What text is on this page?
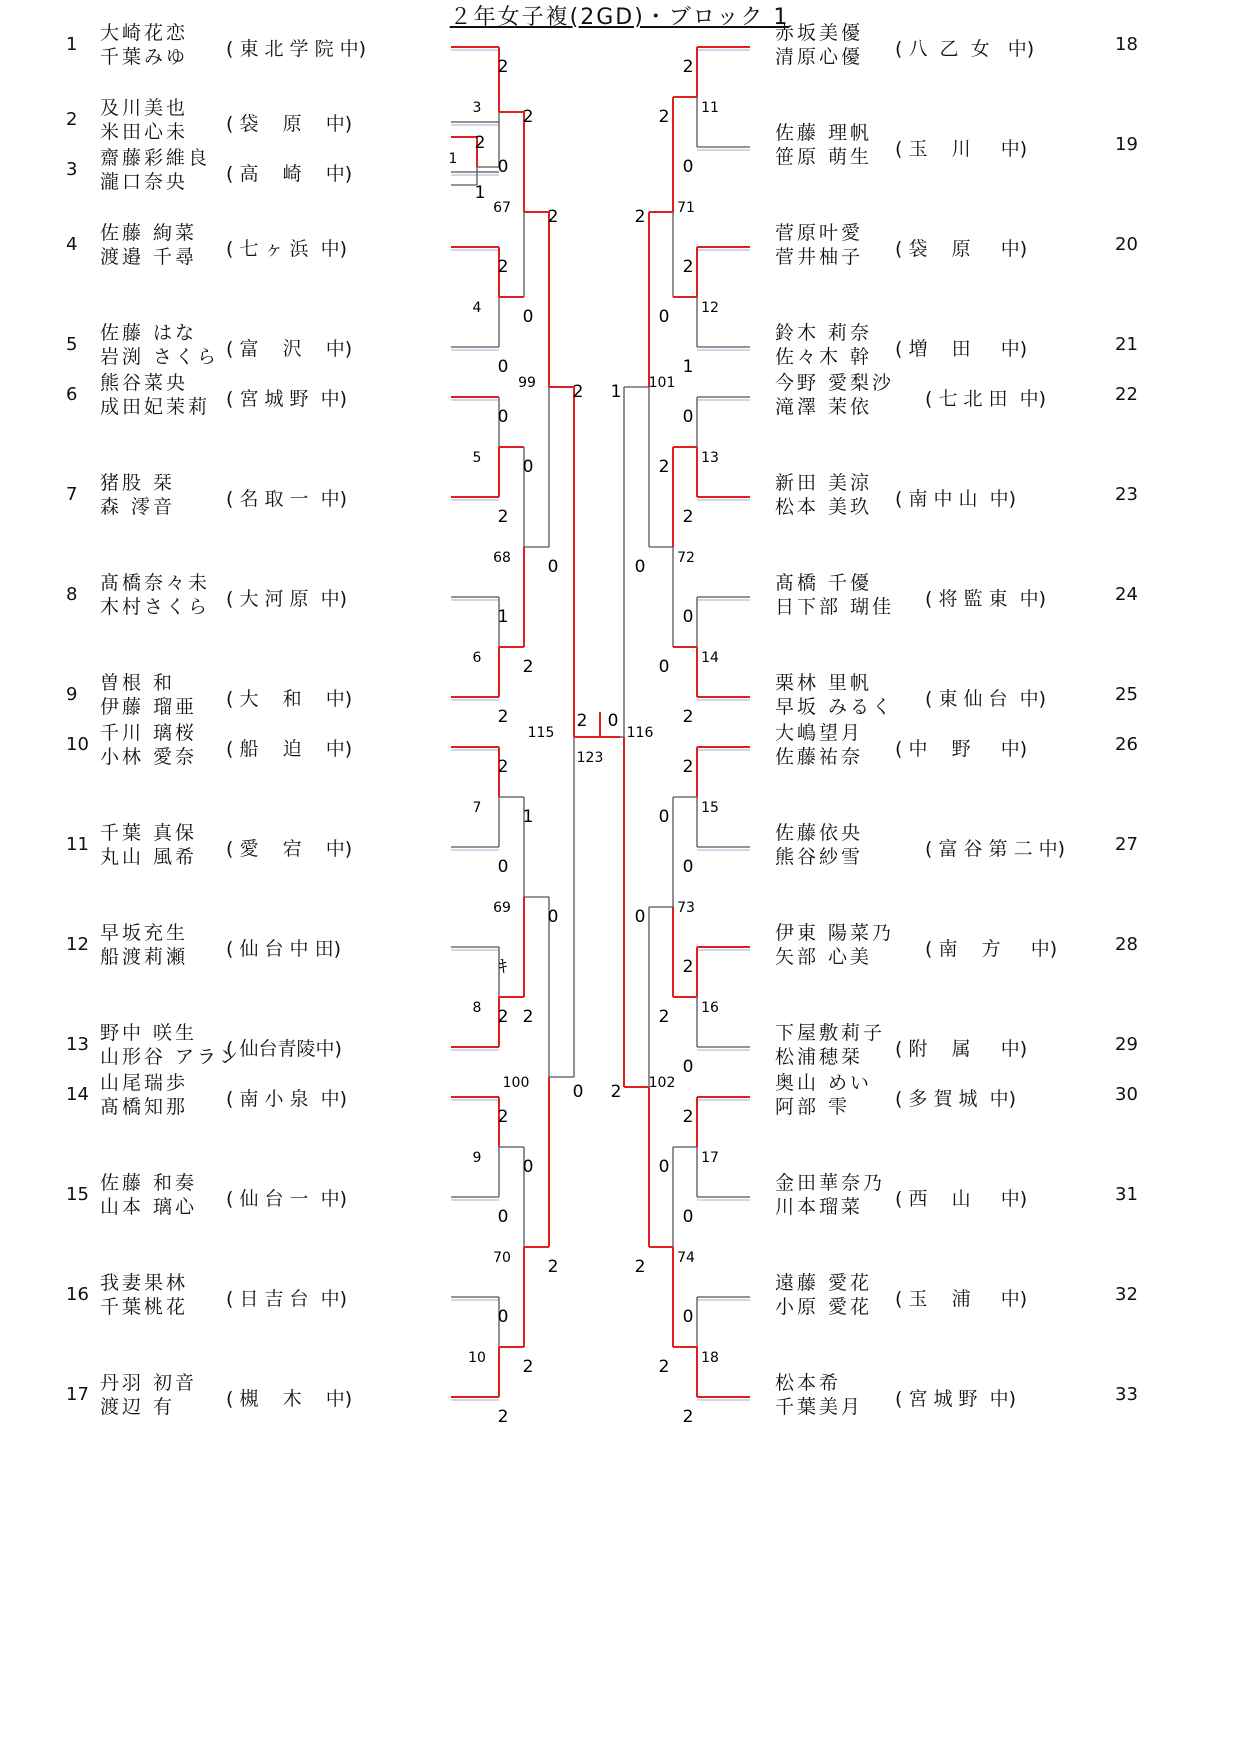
２年女子複(2GD)・ブロック 1
1
大崎花恋
千葉みゆ ( 東 北 学 院 中)
2
及川美也
米田心未 ( 袋    原    中)
3
齋藤彩維良
瀧口奈央	( 高    崎    中)
4
佐藤 絢菜
渡邉 千尋 ( 七 ヶ 浜  中)
5
佐藤 はな
岩渕 さくら ( 富    沢    中)
6
熊谷菜央
成田妃茉莉 ( 宮 城 野  中)
7
猪股 栞
森 澪音	( 名 取 一  中)
8
髙橋奈々未
木村さくら ( 大 河 原  中)
9
曽根 和
伊藤 瑠亜 ( 大    和    中)
10
千川 璃桜
小林 愛奈 ( 船    迫    中)
11
千葉 真保
丸山 風希 ( 愛    宕    中)
12
早坂充生
船渡莉瀬 ( 仙 台 中 田)
13
野中 咲生
山形谷 アラン
( 仙台青陵中)
14
山尾瑞歩
髙橋知那 ( 南 小 泉  中)
15
佐藤 和奏
山本 璃心 ( 仙 台 一  中)
16
我妻果林
千葉桃花 ( 日 吉 台  中)
17
丹羽 初音
渡辺 有	( 槻    木    中)
赤坂美優
清原心優 ( 八  乙  女   中)	18
佐藤 理帆
笹原 萌生 ( 玉    川     中)	19
菅原叶愛
菅井柚子 ( 袋    原     中)	20
鈴木 莉奈
佐々木 幹 ( 増    田     中)	21
今野 愛梨沙
滝澤 茉依	( 七 北 田  中)	22
新田 美涼
松本 美玖 ( 南 中 山  中)	23
髙橋 千優
日下部 瑚佳 ( 将 監 東  中)	24
栗林 里帆
早坂 みるく ( 東 仙 台  中)	25
大嶋望月
佐藤祐奈 ( 中    野     中)	26
佐藤依央
熊谷紗雪	( 富 谷 第 二 中)	27
伊東 陽菜乃
矢部 心美	( 南    方     中)	28
下屋敷莉子
松浦穂栞	( 附    属     中)	29
奥山 めい
阿部 雫	( 多 賀 城  中)	30
金田華奈乃
川本瑠菜	( 西    山     中)	31
遠藤 愛花
小原 愛花 ( 玉    浦     中)	32
松本希
千葉美月 ( 宮 城 野  中)	33
1
3
4
5
6
7
8
9
10
67
68
69
70
99
100
115
123
11
12
13
14
15
16
17
18
71
72
73
74
101
102
116
2
2
1
0
2
0
0
2
1
2
2
0
ｷ
2
2
0
0
2
2
0
0
2
1
2
0
2
2
0
0
2
2
0
2
2
0
2
1
0
2
0
2
2
0
2
0
2
0
0
2
2
0
2
0
0
2
0
2
2
0
0
2
1
2
0
